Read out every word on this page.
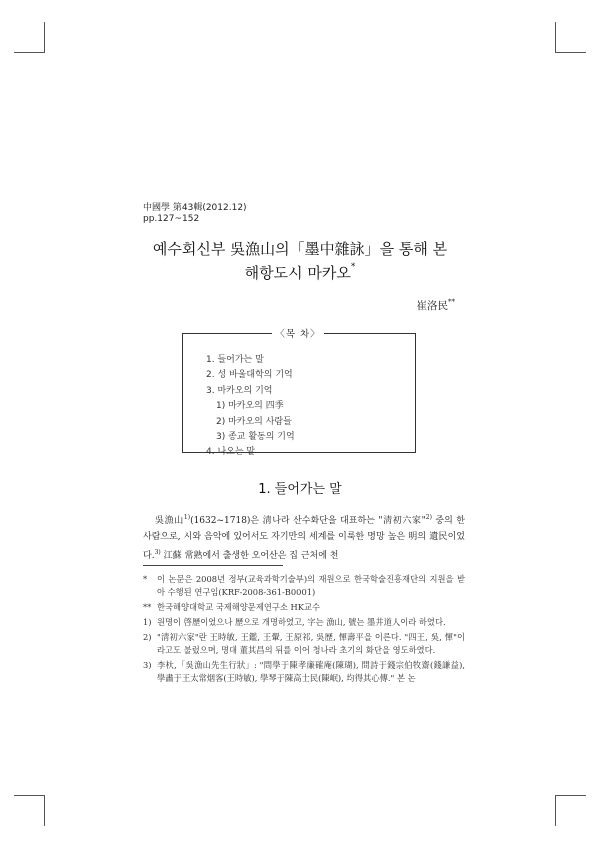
中國學 第43輯(2012.12)
pp.127~152
예수회신부 吳漁山의「墨中雜詠」을 통해 본
해항도시 마카오*
崔洛民**
〈목 차〉
1. 들어가는 말
2. 성 바울대학의 기억
3. 마카오의 기억
1) 마카오의 四季
2) 마카오의 사람들
3) 종교 활동의 기억
4. 나오는 말
1. 들어가는 말

吳漁山$^{1)}$(1632~1718)은 淸나라 산수화단을 대표하는 "淸初六家"$^{2)}$ 중의 한 사람으로, 시와 음악에 있어서도 자기만의 세계를 이룩한 명망 높은 明의 遺民이었다.$^{3)}$ 江蘇 常熟에서 출생한 오어산은 집 근처에 천

*	이 논문은 2008년 정부(교육과학기술부)의 재원으로 한국학술진흥재단의 지원을 받아 수행된 연구임(KRF-2008-361-B0001)
** 한국해양대학교 국제해양문제연구소 HK교수
1) 원명이 啓歷이었으나 歷으로 개명하였고, 字는 漁山, 號는 墨井道人이라 하였다.
2) "淸初六家"란 王時敏, 王鑑, 王翬, 王原祁, 吳歷, 惲壽平을 이른다. "四王, 吳, 惲"이라고도 불렀으며, 명대 董其昌의 뒤를 이어 청나라 초기의 화단을 영도하였다.
3) 李杕,「吳漁山先生行狀」: "問學于陳孝廉確庵(陳瑚), 問詩于錢宗伯牧齋(錢謙益), 學畵于王太常烟客(王時敏), 學琴于陳高士民(陳岷), 均得其心傳." 본 논
